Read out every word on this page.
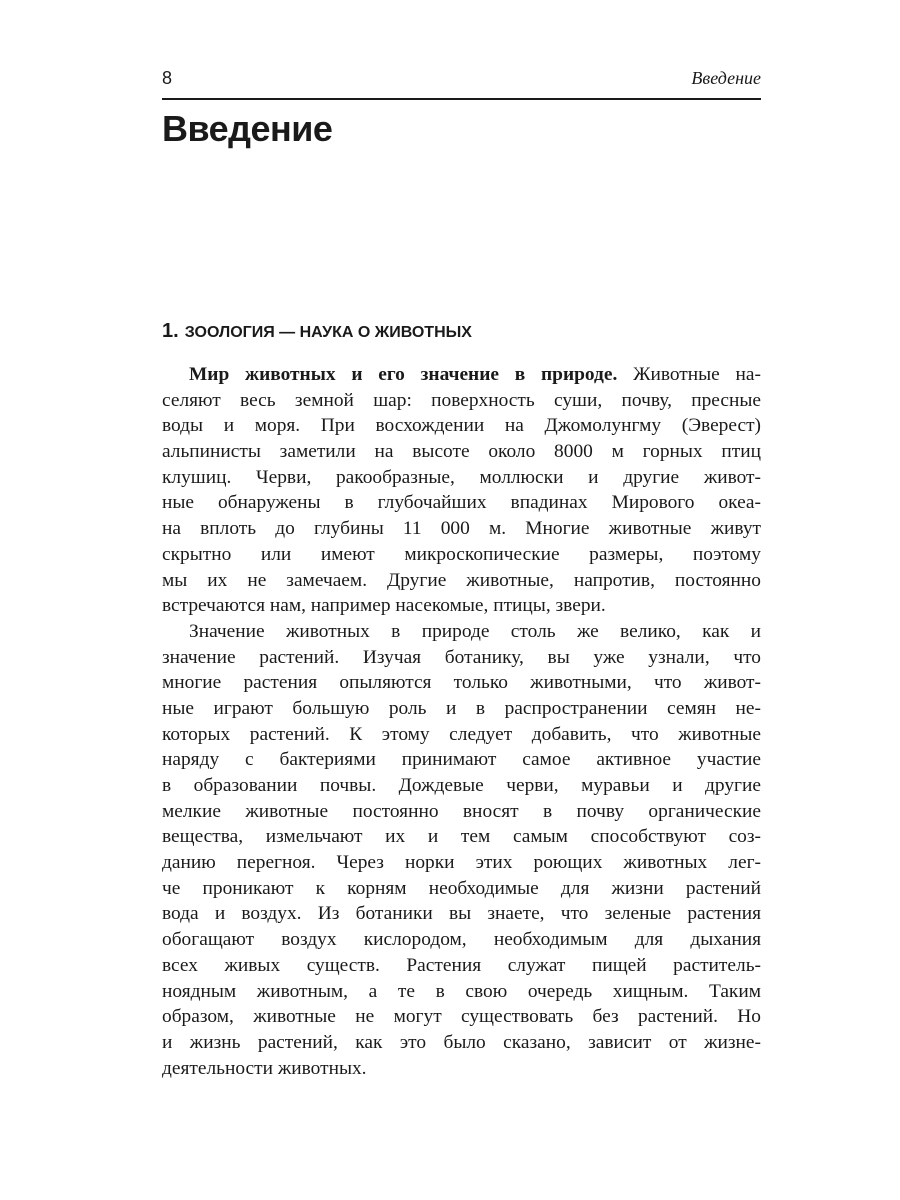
8	Введение
Введение
1. ЗООЛОГИЯ — НАУКА О ЖИВОТНЫХ
Мир животных и его значение в природе. Животные на-
селяют весь земной шар: поверхность суши, почву, пресные
воды и моря. При восхождении на Джомолунгму (Эверест)
альпинисты заметили на высоте около 8000 м горных птиц
клушиц. Черви, ракообразные, моллюски и другие живот-
ные обнаружены в глубочайших впадинах Мирового океа-
на вплоть до глубины 11 000 м. Многие животные живут
скрытно или имеют микроскопические размеры, поэтому
мы их не замечаем. Другие животные, напротив, постоянно
встречаются нам, например насекомые, птицы, звери.
Значение животных в природе столь же велико, как и
значение растений. Изучая ботанику, вы уже узнали, что
многие растения опыляются только животными, что живот-
ные играют большую роль и в распространении семян не-
которых растений. К этому следует добавить, что животные
наряду с бактериями принимают самое активное участие
в образовании почвы. Дождевые черви, муравьи и другие
мелкие животные постоянно вносят в почву органические
вещества, измельчают их и тем самым способствуют соз-
данию перегноя. Через норки этих роющих животных лег-
че проникают к корням необходимые для жизни растений
вода и воздух. Из ботаники вы знаете, что зеленые растения
обогащают воздух кислородом, необходимым для дыхания
всех живых существ. Растения служат пищей раститель-
ноядным животным, а те в свою очередь хищным. Таким
образом, животные не могут существовать без растений. Но
и жизнь растений, как это было сказано, зависит от жизне-
деятельности животных.
